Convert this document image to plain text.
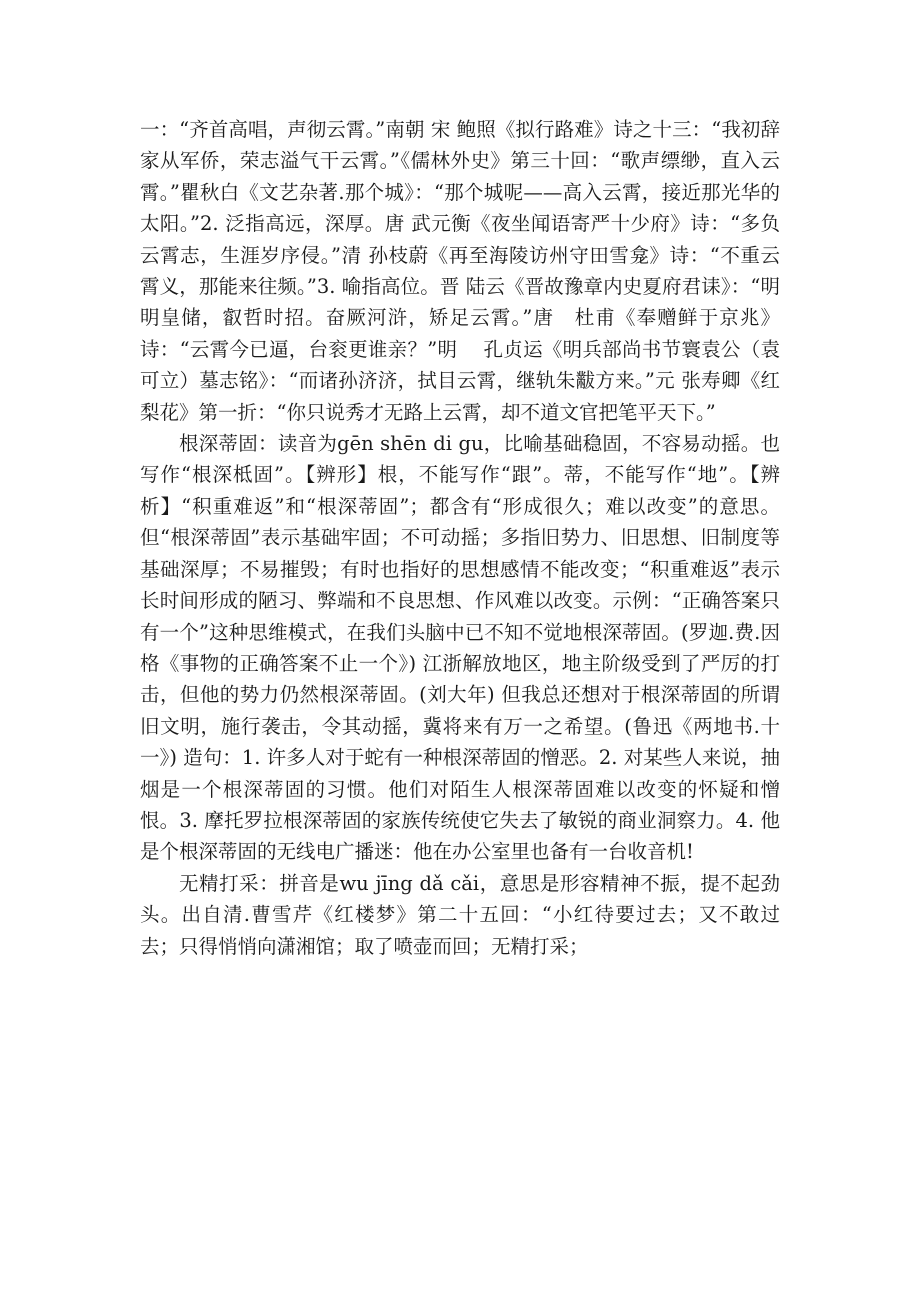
一：“齐首高唱，声彻云霄。”南朝 宋 鲍照《拟行路难》诗之十三：“我初辞家从军侨，荣志溢气干云霄。”《儒林外史》第三十回：“歌声缥缈，直入云霄。”瞿秋白《文艺杂著.那个城》：“那个城呢——高入云霄，接近那光华的太阳。”2. 泛指高远，深厚。唐 武元衡《夜坐闻语寄严十少府》诗：“多负云霄志，生涯岁序侵。”清 孙枝蔚《再至海陵访州守田雪龛》诗：“不重云霄义，那能来往频。”3. 喻指高位。晋 陆云《晋故豫章内史夏府君诔》：“明明皇储，叡哲时招。奋厥河浒，矫足云霄。”唐　杜甫《奉赠鲜于京兆》诗：“云霄今已逼，台衮更谁亲？”明　 孔贞运《明兵部尚书节寰袁公（袁可立）墓志铭》：“而诸孙济济，拭目云霄，继轨朱黻方来。”元 张寿卿《红梨花》第一折：“你只说秀才无路上云霄，却不道文官把笔平天下。”

根深蒂固：读音为gēn shēn di gu，比喻基础稳固，不容易动摇。也写作“根深柢固”。【辨形】根，不能写作“跟”。蒂，不能写作“地”。【辨析】“积重难返”和“根深蒂固”；都含有“形成很久；难以改变”的意思。但“根深蒂固”表示基础牢固；不可动摇；多指旧势力、旧思想、旧制度等基础深厚；不易摧毁；有时也指好的思想感情不能改变；“积重难返”表示长时间形成的陋习、弊端和不良思想、作风难以改变。示例：“正确答案只有一个”这种思维模式，在我们头脑中已不知不觉地根深蒂固。(罗迦.费.因格《事物的正确答案不止一个》) 江浙解放地区，地主阶级受到了严厉的打击，但他的势力仍然根深蒂固。(刘大年) 但我总还想对于根深蒂固的所谓旧文明，施行袭击，令其动摇，冀将来有万一之希望。(鲁迅《两地书.十一》) 造句：1. 许多人对于蛇有一种根深蒂固的憎恶。2. 对某些人来说，抽烟是一个根深蒂固的习惯。他们对陌生人根深蒂固难以改变的怀疑和憎恨。3. 摩托罗拉根深蒂固的家族传统使它失去了敏锐的商业洞察力。4. 他是个根深蒂固的无线电广播迷：他在办公室里也备有一台收音机!

无精打采：拼音是wu jīng dǎ cǎi，意思是形容精神不振，提不起劲头。出自清.曹雪芹《红楼梦》第二十五回：“小红待要过去；又不敢过去；只得悄悄向潇湘馆；取了喷壶而回；无精打采；
